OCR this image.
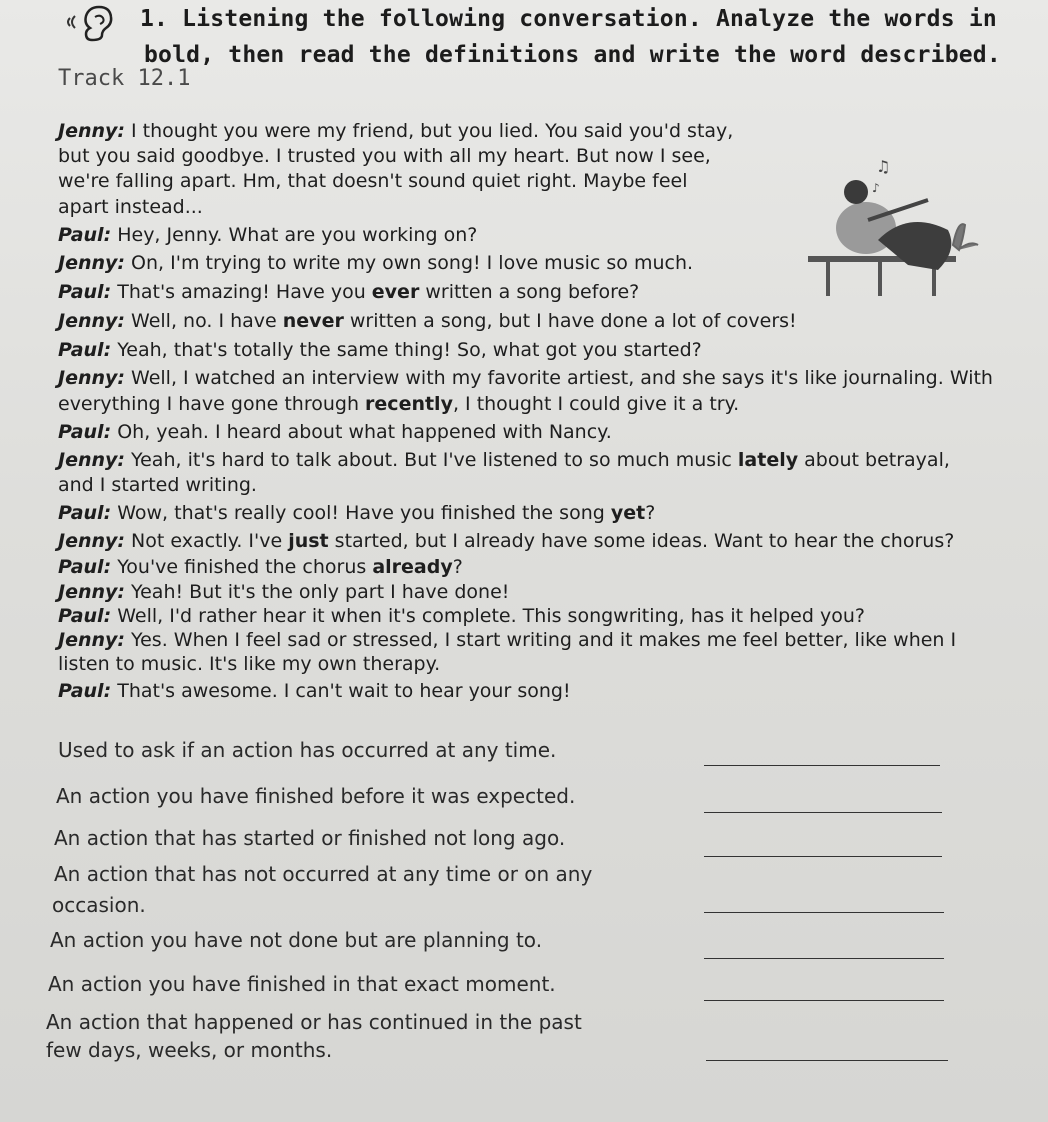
1. Listening the following conversation. Analyze the words in
bold, then read the definitions and write the word described.
Track 12.1
♫
♪
Jenny: I thought you were my friend, but you lied. You said you'd stay,
but you said goodbye. I trusted you with all my heart. But now I see,
we're falling apart. Hm, that doesn't sound quiet right. Maybe feel
apart instead...
Paul: Hey, Jenny. What are you working on?
Jenny: On, I'm trying to write my own song! I love music so much.
Paul: That's amazing! Have you ever written a song before?
Jenny: Well, no. I have never written a song, but I have done a lot of covers!
Paul: Yeah, that's totally the same thing! So, what got you started?
Jenny: Well, I watched an interview with my favorite artiest, and she says it's like journaling. With
everything I have gone through recently, I thought I could give it a try.
Paul: Oh, yeah. I heard about what happened with Nancy.
Jenny: Yeah, it's hard to talk about. But I've listened to so much music lately about betrayal,
and I started writing.
Paul: Wow, that's really cool! Have you finished the song yet?
Jenny: Not exactly. I've just started, but I already have some ideas. Want to hear the chorus?
Paul: You've finished the chorus already?
Jenny: Yeah! But it's the only part I have done!
Paul: Well, I'd rather hear it when it's complete. This songwriting, has it helped you?
Jenny: Yes. When I feel sad or stressed, I start writing and it makes me feel better, like when I
listen to music. It's like my own therapy.
Paul: That's awesome. I can't wait to hear your song!
Used to ask if an action has occurred at any time.
An action you have finished before it was expected.
An action that has started or finished not long ago.
An action that has not occurred at any time or on any
occasion.
An action you have not done but are planning to.
An action you have finished in that exact moment.
An action that happened or has continued in the past
few days, weeks, or months.
